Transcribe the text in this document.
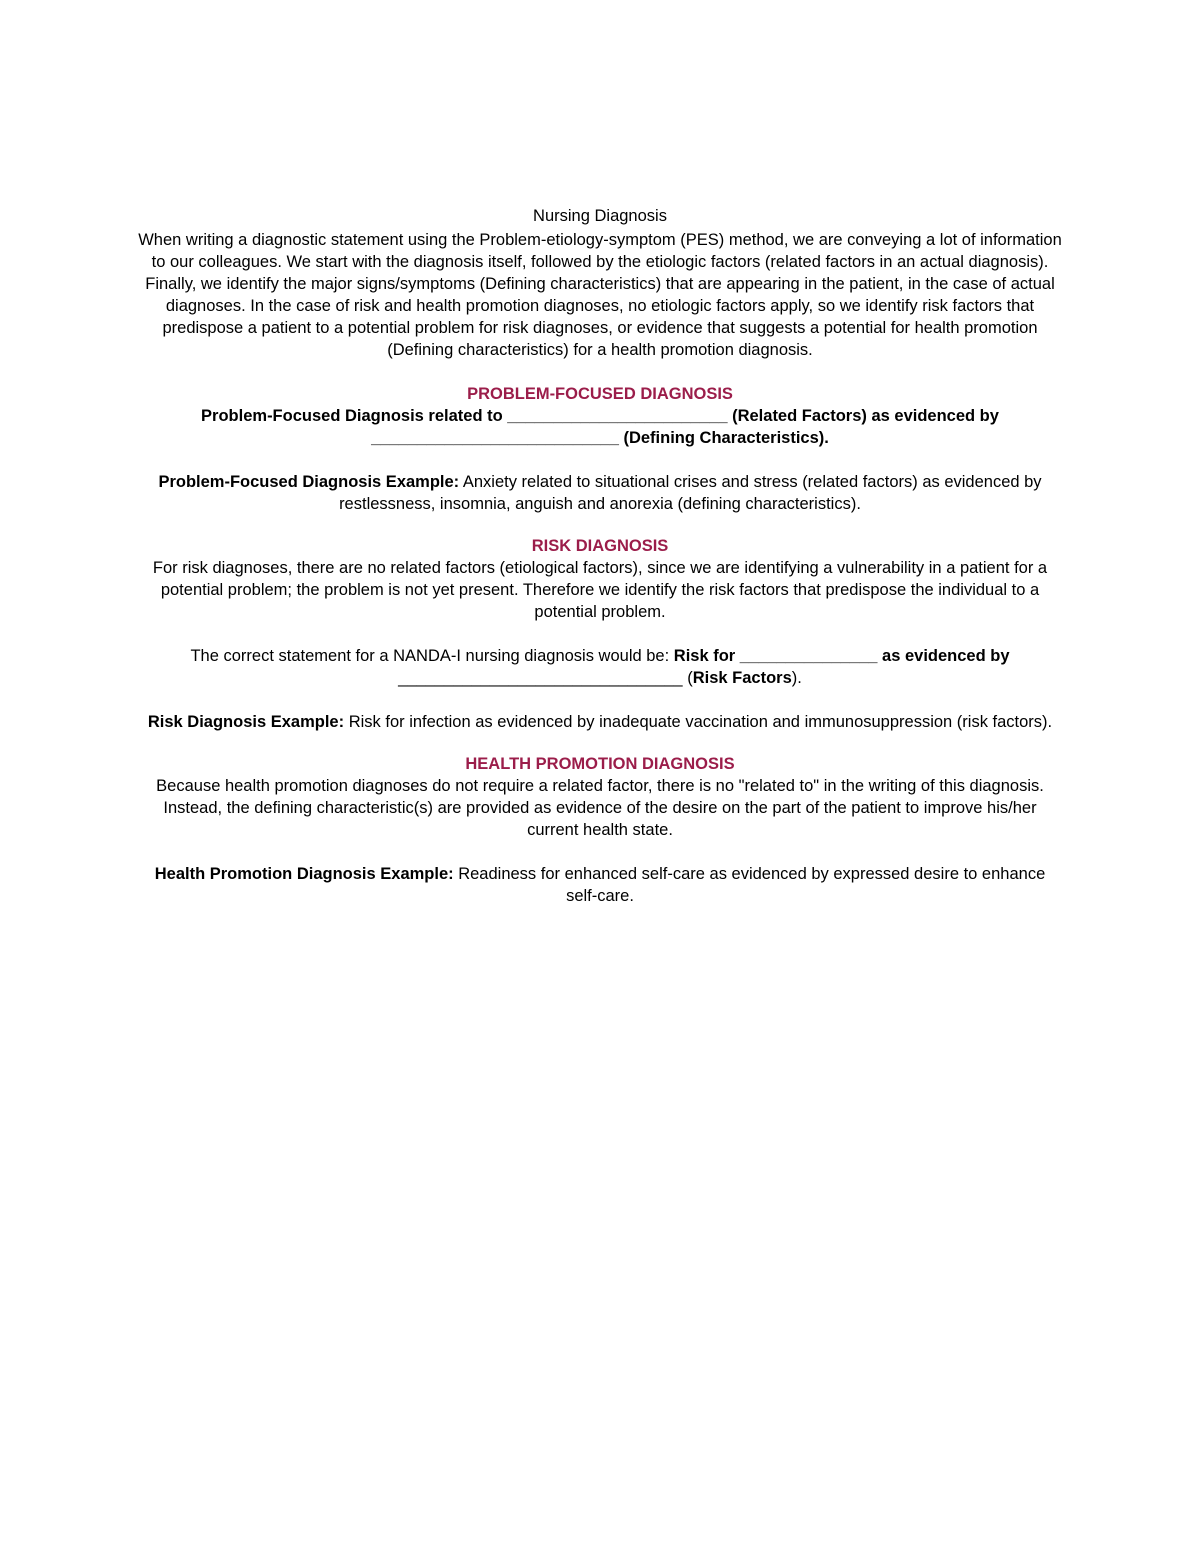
Nursing Diagnosis

When writing a diagnostic statement using the Problem-etiology-symptom (PES) method, we are conveying a lot of information to our colleagues. We start with the diagnosis itself, followed by the etiologic factors (related factors in an actual diagnosis). Finally, we identify the major signs/symptoms (Defining characteristics) that are appearing in the patient, in the case of actual diagnoses. In the case of risk and health promotion diagnoses, no etiologic factors apply, so we identify risk factors that predispose a patient to a potential problem for risk diagnoses, or evidence that suggests a potential for health promotion (Defining characteristics) for a health promotion diagnosis.

PROBLEM-FOCUSED DIAGNOSIS

Problem-Focused Diagnosis related to ________________________ (Related Factors) as evidenced by
___________________________ (Defining Characteristics).

Problem-Focused Diagnosis Example: Anxiety related to situational crises and stress (related factors) as evidenced by restlessness, insomnia, anguish and anorexia (defining characteristics).

RISK DIAGNOSIS

For risk diagnoses, there are no related factors (etiological factors), since we are identifying a vulnerability in a patient for a potential problem; the problem is not yet present. Therefore we identify the risk factors that predispose the individual to a potential problem.

The correct statement for a NANDA-I nursing diagnosis would be: Risk for _______________ as evidenced by
_______________________________ (Risk Factors).

Risk Diagnosis Example: Risk for infection as evidenced by inadequate vaccination and immunosuppression (risk factors).

HEALTH PROMOTION DIAGNOSIS

Because health promotion diagnoses do not require a related factor, there is no "related to" in the writing of this diagnosis. Instead, the defining characteristic(s) are provided as evidence of the desire on the part of the patient to improve his/her current health state.

Health Promotion Diagnosis Example: Readiness for enhanced self-care as evidenced by expressed desire to enhance self-care.
